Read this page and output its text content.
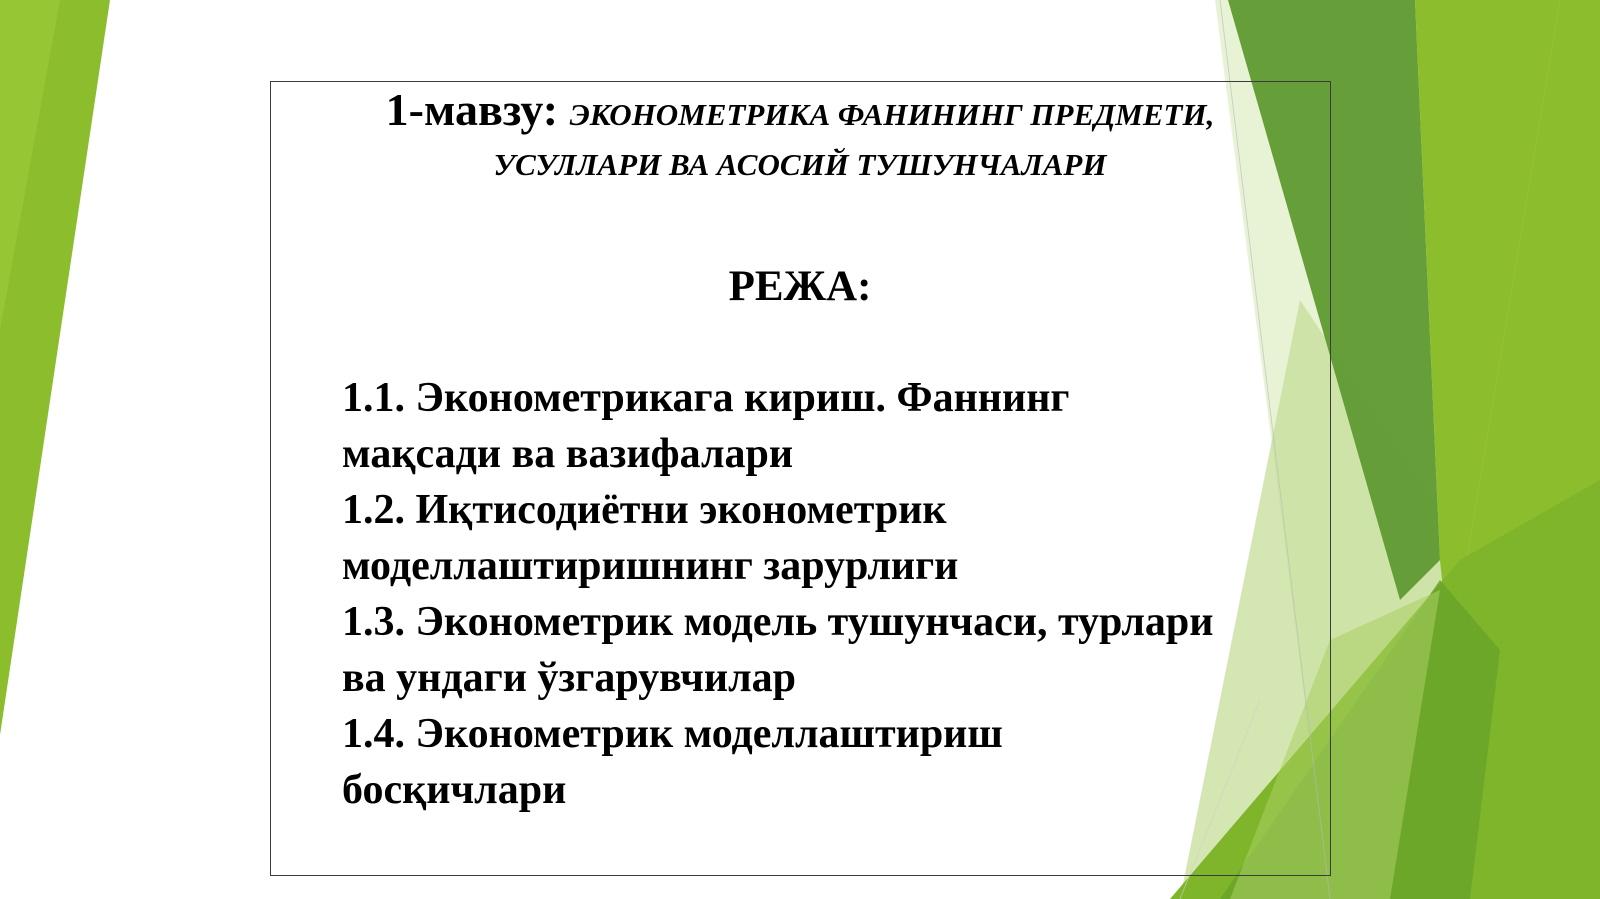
1-мавзу: ЭКОНОМЕТРИКА ФАНИНИНГ ПРЕДМЕТИ,
УСУЛЛАРИ ВА АСОСИЙ ТУШУНЧАЛАРИ
РЕЖА:
1.1. Эконометрикага кириш. Фаннинг
мақсади ва вазифалари
1.2. Иқтисодиётни эконометрик
моделлаштиришнинг зарурлиги
1.3. Эконометрик модель тушунчаси, турлари
ва ундаги ўзгарувчилар
1.4. Эконометрик моделлаштириш
босқичлари
